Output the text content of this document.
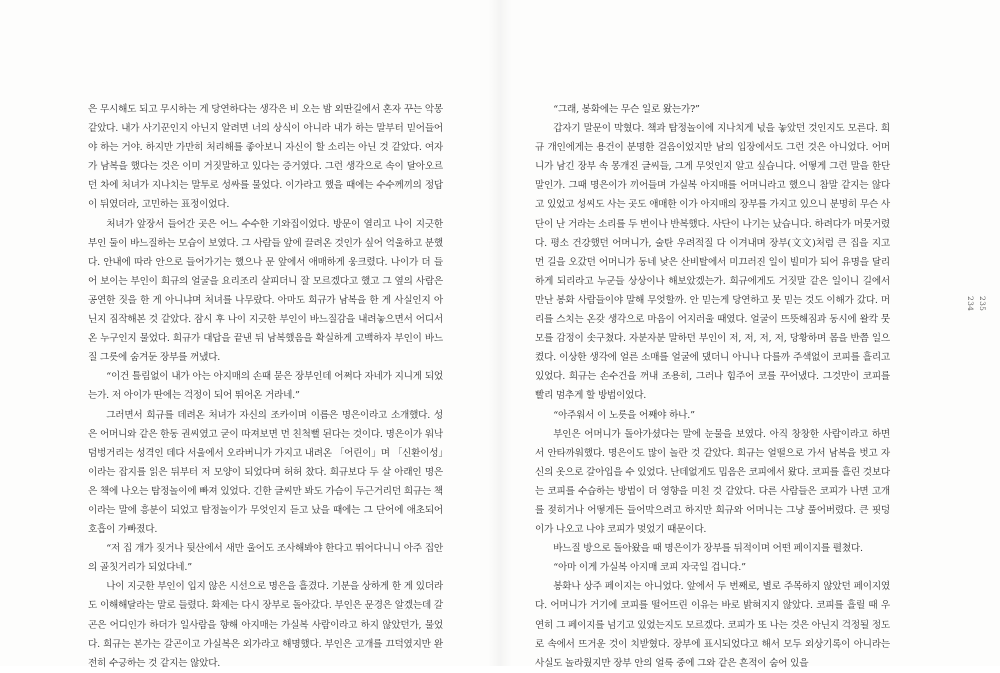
은 무시해도 되고 무시하는 게 당연하다는 생각은 비 오는 밤 외딴길에서 혼자 꾸는 악몽 같았다. 내가 사기꾼인지 아닌지 알려면 너의 상식이 아니라 내가 하는 말부터 믿어들어야 하는 거야. 하지만 가만히 처리해를 좋아보니 자신이 할 소리는 아닌 것 같았다. 여자가 남복을 했다는 것은 이미 거짓말하고 있다는 증거였다. 그런 생각으로 속이 달아오르던 차에 처녀가 지나치는 말투로 성싸를 물었다. 이가라고 했을 때에는 수수께끼의 정답이 뒤였더라, 고민하는 표정이었다.

처녀가 앞장서 들어간 곳은 어느 수수한 기와집이었다. 방문이 열리고 나이 지긋한 부인 둘이 바느질하는 모습이 보였다. 그 사람들 앞에 끌려온 것인가 싶어 억울하고 분했다. 안내에 따라 안으로 들어가기는 했으나 문 앞에서 애매하게 웅크렸다. 나이가 더 들어 보이는 부인이 희규의 얼굴을 요리조리 살피더니 잘 모르겠다고 했고 그 옆의 사람은 공연한 짓을 한 게 아니냐며 처녀를 나무랐다. 아마도 희규가 남복을 한 게 사실인지 아닌지 짐작해본 것 같았다. 잠시 후 나이 지긋한 부인이 바느질감을 내려놓으면서 어디서 온 누구인지 물었다. 희규가 대답을 끝낸 뒤 남복했음을 확실하게 고백하자 부인이 바느질 그릇에 숨겨둔 장부를 꺼냈다.

“이건 틀림없이 내가 아는 아지매의 손때 묻은 장부인데 어쩌다 자네가 지니게 되었는가. 저 아이가 딴에는 걱정이 되어 뛰어온 거라네.”

그러면서 희규를 데려온 처녀가 자신의 조카이며 이름은 명은이라고 소개했다. 성은 어머니와 같은 한동 권씨였고 굳이 따져보면 먼 친척뻘 된다는 것이다. 명은이가 워낙 덤벙거리는 성격인 데다 서울에서 오라버니가 가지고 내려온 「어린이」며 「신환이성」이라는 잡지를 읽은 뒤부터 저 모양이 되었다며 허허 찼다. 희규보다 두 살 아래인 명은은 책에 나오는 탐정놀이에 빠져 있었다. 긴한 글씨만 봐도 가슴이 두근거리던 희규는 책이라는 말에 흥분이 되었고 탐정놀이가 무엇인지 듣고 났을 때에는 그 단어에 애초되어 호흡이 가빠졌다.

“저 집 개가 짖거나 뒷산에서 새만 울어도 조사해봐야 한다고 뛰어다니니 아주 집안의 골칫거리가 되었다네.”

나이 지긋한 부인이 입지 않은 시선으로 명은을 흘겼다. 기분을 상하게 한 게 있더라도 이해해달라는 말로 들렸다. 화제는 다시 장부로 돌아갔다. 부인은 문경은 알겠는데 갈곤은 어디인가 하더가 일사람을 향해 아지매는 가실복 사람이라고 하지 않았던가, 물었다. 희규는 본가는 갈곤이고 가실복은 외가라고 해명했다. 부인은 고개를 끄덕였지만 완전히 수긍하는 것 같지는 않았다.

“그래, 봉화에는 무슨 일로 왔는가?”

갑자기 말문이 막혔다. 책과 탐정놀이에 지나치게 넋을 놓았던 것인지도 모른다. 희규 개인에게는 용건이 분명한 걸음이었지만 남의 입장에서도 그런 것은 아니었다. 어머니가 남긴 장부 속 몽개진 글씨들, 그게 무엇인지 알고 싶습니다. 어떻게 그런 말을 한단 말인가. 그때 명은이가 끼어들며 가실복 아지매를 어머니라고 했으니 참말 같지는 않다고 있었고 성씨도 사는 곳도 애매한 이가 아지매의 장부를 가지고 있으니 분명히 무슨 사단이 난 거라는 소리를 두 번이나 반복했다. 사단이 나기는 났습니다. 하려다가 머뭇거렸다. 평소 건강했던 어머니가, 술탄 우려적질 다 이겨내며 장부(文文)처럼 큰 집을 지고 먼 길을 오갔던 어머니가 동네 낮은 산비탈에서 미끄러진 일이 빌미가 되어 유명을 달리하게 되리라고 누군들 상상이나 해보았겠는가. 희규에게도 거짓말 같은 일이니 길에서 만난 봉화 사람들이야 말해 무엇할까. 안 믿는게 당연하고 못 믿는 것도 이해가 갔다. 머리를 스치는 온갖 생각으로 마음이 어지러울 때였다. 얼굴이 뜨뜻해짐과 동시에 왈칵 뭇 모를 감정이 솟구쳤다. 자분자분 말하던 부인이 저, 저, 저, 저, 당황하며 몸을 반쯤 일으켰다. 이상한 생각에 얼른 소매를 얼굴에 댔더니 아니나 다를까 주색없이 코피를 흘리고 있었다. 희규는 손수건을 꺼내 조용히, 그러나 힘주어 코를 꾸어냈다. 그것만이 코피를 빨리 멈추게 할 방법이었다.

“아주워서 이 노릇을 어째야 하나.”

부인은 어머니가 돌아가셨다는 말에 눈물을 보였다. 아직 창창한 사람이라고 하면서 안타까워했다. 명은이도 많이 놀란 것 같았다. 희규는 얼떨으로 가서 남복을 벗고 자신의 옷으로 갈아입을 수 있었다. 난데없게도 밉음은 코피에서 왔다. 코피를 흘린 것보다는 코피를 수습하는 방법이 더 영향을 미친 것 같았다. 다른 사람들은 코피가 나면 고개를 젖히거나 어떻게든 들어막으려고 하지만 희규와 어머니는 그냥 풀어버렸다. 큰 핏덩이가 나오고 나야 코피가 멎었기 때문이다.

바느질 방으로 돌아왔을 때 명은이가 장부를 뒤적이며 어떤 페이지를 펼쳤다.

“아마 이게 가실복 아지매 코피 자국일 겁니다.”

봉화나 상주 페이지는 아니었다. 앞에서 두 번째로, 별로 주목하지 않았던 페이지였다. 어머니가 거기에 코피를 떨어뜨린 이유는 바로 밝혀지지 않았다. 코피를 흘릴 때 우연히 그 페이지를 넘기고 있었는지도 모르겠다. 코피가 또 나는 것은 아닌지 걱정될 정도로 속에서 뜨거운 것이 치받혔다. 장부에 표시되었다고 해서 모두 외상기록이 아니라는 사실도 놀라웠지만 장부 안의 얼룩 중에 그와 같은 흔적이 숨어 있을

234 235
